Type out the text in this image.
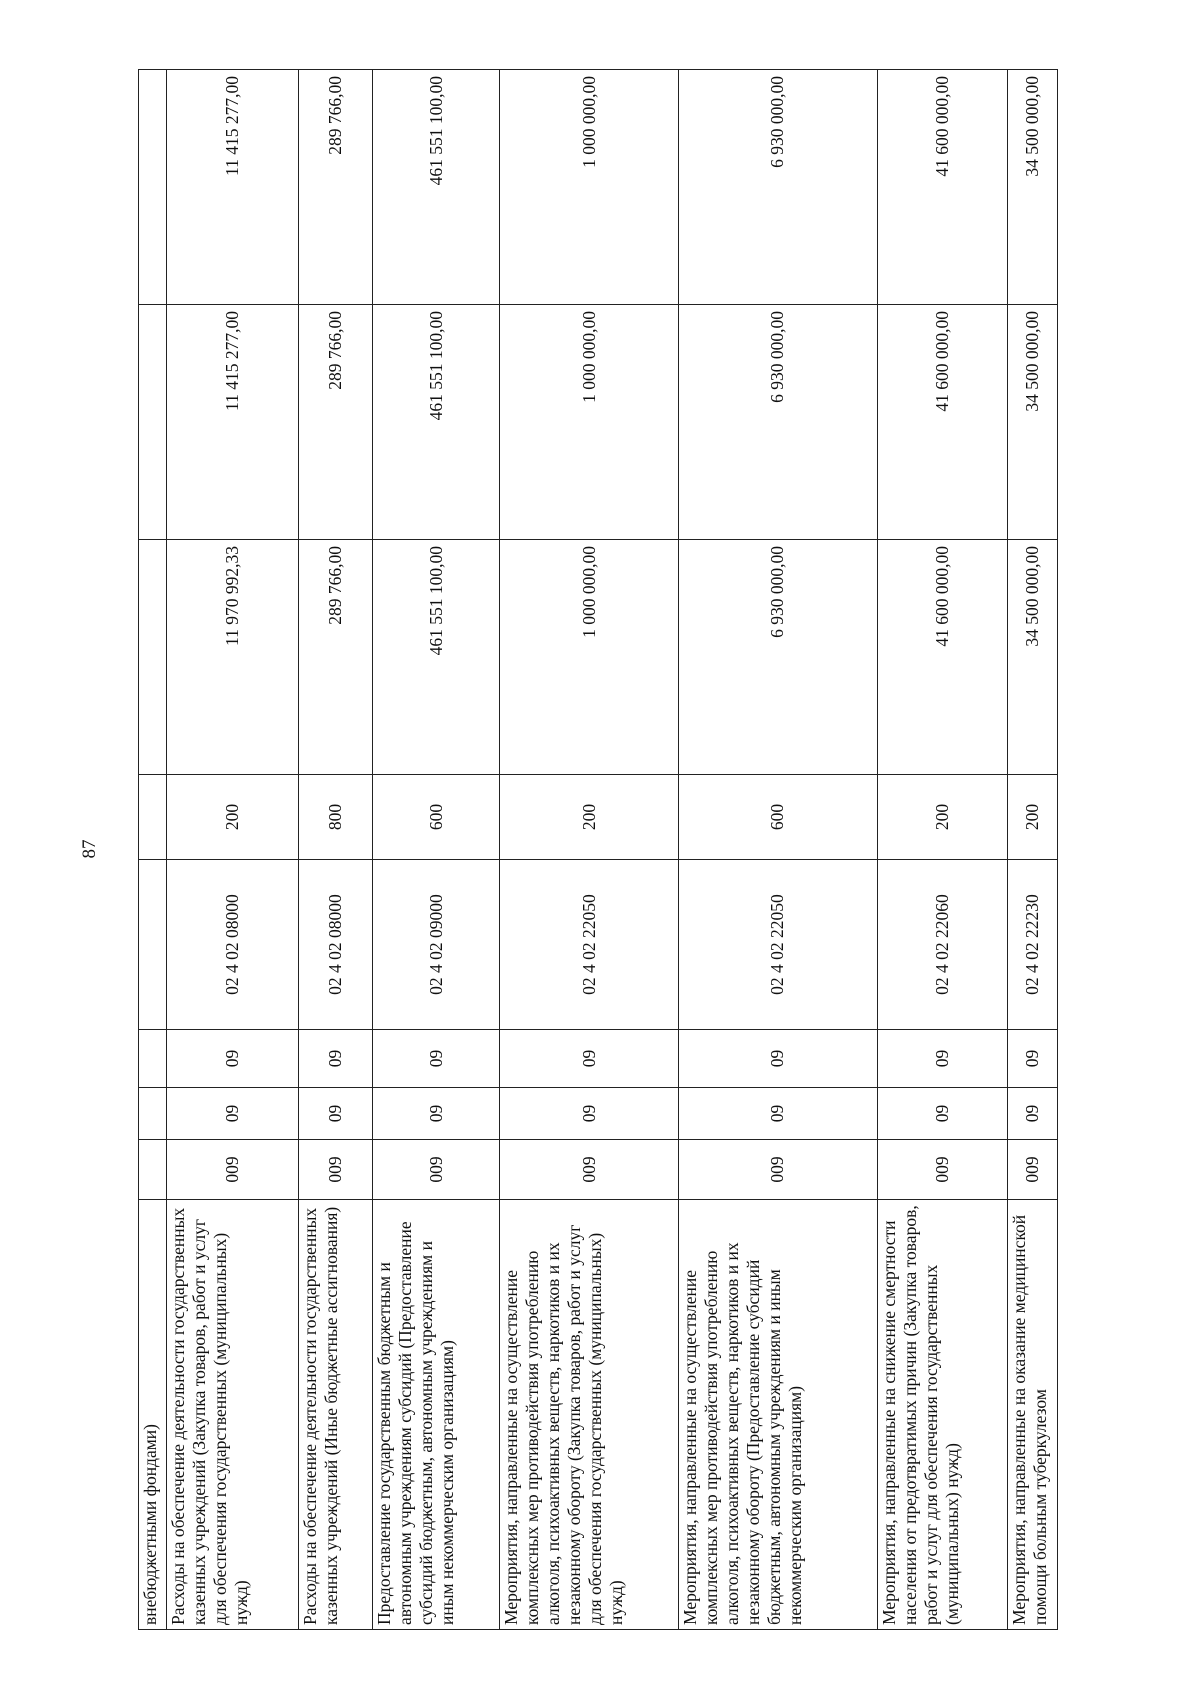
87
внебюджетными фондами)								
Расходы на обеспечение деятельности государственных казенных учреждений (Закупка товаров, работ и услуг для обеспечения государственных (муниципальных) нужд)	009	09	09	02 4 02 08000	200	11 970 992,33	11 415 277,00	11 415 277,00
Расходы на обеспечение деятельности государственных казенных учреждений (Иные бюджетные ассигнования)	009	09	09	02 4 02 08000	800	289 766,00	289 766,00	289 766,00
Предоставление государственным бюджетным и автономным учреждениям субсидий (Предоставление субсидий бюджетным, автономным учреждениям и иным некоммерческим организациям)	009	09	09	02 4 02 09000	600	461 551 100,00	461 551 100,00	461 551 100,00
Мероприятия, направленные на осуществление комплексных мер противодействия употреблению алкоголя, психоактивных веществ, наркотиков и их незаконному обороту (Закупка товаров, работ и услуг для обеспечения государственных (муниципальных) нужд)	009	09	09	02 4 02 22050	200	1 000 000,00	1 000 000,00	1 000 000,00
Мероприятия, направленные на осуществление комплексных мер противодействия употреблению алкоголя, психоактивных веществ, наркотиков и их незаконному обороту (Предоставление субсидий бюджетным, автономным учреждениям и иным некоммерческим организациям)	009	09	09	02 4 02 22050	600	6 930 000,00	6 930 000,00	6 930 000,00
Мероприятия, направленные на снижение смертности населения от предотвратимых причин (Закупка товаров, работ и услуг для обеспечения государственных (муниципальных) нужд)	009	09	09	02 4 02 22060	200	41 600 000,00	41 600 000,00	41 600 000,00
Мероприятия, направленные на оказание медицинской помощи больным туберкулезом	009	09	09	02 4 02 22230	200	34 500 000,00	34 500 000,00	34 500 000,00
